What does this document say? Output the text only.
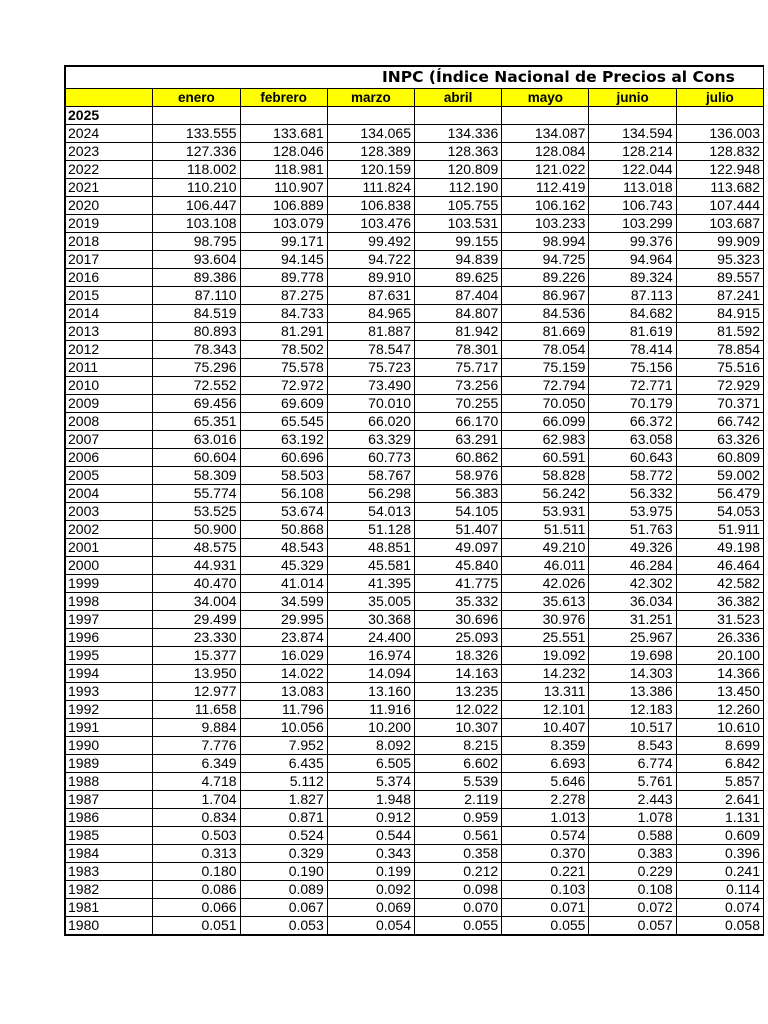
INPC (Índice Nacional de Precios al Cons							
	enero	febrero	marzo	abril	mayo	junio	julio
2025							
2024	133.555	133.681	134.065	134.336	134.087	134.594	136.003
2023	127.336	128.046	128.389	128.363	128.084	128.214	128.832
2022	118.002	118.981	120.159	120.809	121.022	122.044	122.948
2021	110.210	110.907	111.824	112.190	112.419	113.018	113.682
2020	106.447	106.889	106.838	105.755	106.162	106.743	107.444
2019	103.108	103.079	103.476	103.531	103.233	103.299	103.687
2018	98.795	99.171	99.492	99.155	98.994	99.376	99.909
2017	93.604	94.145	94.722	94.839	94.725	94.964	95.323
2016	89.386	89.778	89.910	89.625	89.226	89.324	89.557
2015	87.110	87.275	87.631	87.404	86.967	87.113	87.241
2014	84.519	84.733	84.965	84.807	84.536	84.682	84.915
2013	80.893	81.291	81.887	81.942	81.669	81.619	81.592
2012	78.343	78.502	78.547	78.301	78.054	78.414	78.854
2011	75.296	75.578	75.723	75.717	75.159	75.156	75.516
2010	72.552	72.972	73.490	73.256	72.794	72.771	72.929
2009	69.456	69.609	70.010	70.255	70.050	70.179	70.371
2008	65.351	65.545	66.020	66.170	66.099	66.372	66.742
2007	63.016	63.192	63.329	63.291	62.983	63.058	63.326
2006	60.604	60.696	60.773	60.862	60.591	60.643	60.809
2005	58.309	58.503	58.767	58.976	58.828	58.772	59.002
2004	55.774	56.108	56.298	56.383	56.242	56.332	56.479
2003	53.525	53.674	54.013	54.105	53.931	53.975	54.053
2002	50.900	50.868	51.128	51.407	51.511	51.763	51.911
2001	48.575	48.543	48.851	49.097	49.210	49.326	49.198
2000	44.931	45.329	45.581	45.840	46.011	46.284	46.464
1999	40.470	41.014	41.395	41.775	42.026	42.302	42.582
1998	34.004	34.599	35.005	35.332	35.613	36.034	36.382
1997	29.499	29.995	30.368	30.696	30.976	31.251	31.523
1996	23.330	23.874	24.400	25.093	25.551	25.967	26.336
1995	15.377	16.029	16.974	18.326	19.092	19.698	20.100
1994	13.950	14.022	14.094	14.163	14.232	14.303	14.366
1993	12.977	13.083	13.160	13.235	13.311	13.386	13.450
1992	11.658	11.796	11.916	12.022	12.101	12.183	12.260
1991	9.884	10.056	10.200	10.307	10.407	10.517	10.610
1990	7.776	7.952	8.092	8.215	8.359	8.543	8.699
1989	6.349	6.435	6.505	6.602	6.693	6.774	6.842
1988	4.718	5.112	5.374	5.539	5.646	5.761	5.857
1987	1.704	1.827	1.948	2.119	2.278	2.443	2.641
1986	0.834	0.871	0.912	0.959	1.013	1.078	1.131
1985	0.503	0.524	0.544	0.561	0.574	0.588	0.609
1984	0.313	0.329	0.343	0.358	0.370	0.383	0.396
1983	0.180	0.190	0.199	0.212	0.221	0.229	0.241
1982	0.086	0.089	0.092	0.098	0.103	0.108	0.114
1981	0.066	0.067	0.069	0.070	0.071	0.072	0.074
1980	0.051	0.053	0.054	0.055	0.055	0.057	0.058
